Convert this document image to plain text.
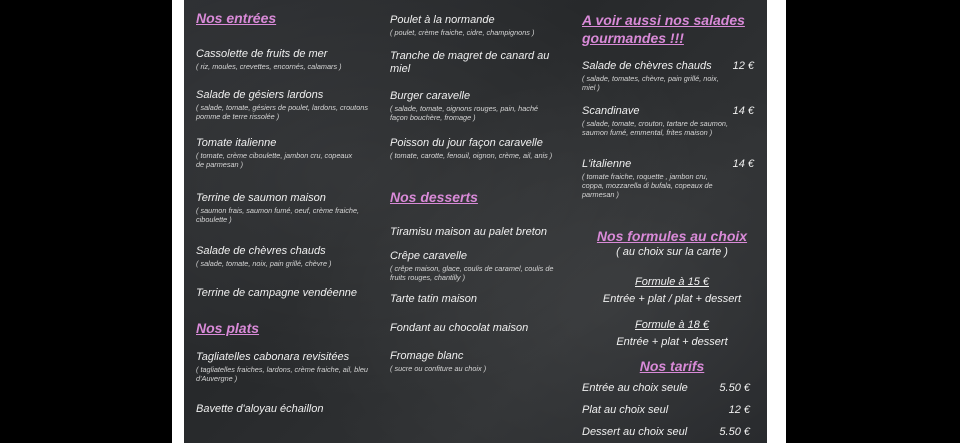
Nos entrées
Cassolette de fruits de mer
( riz, moules, crevettes, encornés, calamars )
Salade de gésiers lardons
( salade, tomate, gésiers de poulet, lardons, croutons pomme de terre rissolée )
Tomate italienne
( tomate, crème ciboulette, jambon cru, copeaux de parmesan )
Terrine de saumon maison
( saumon frais, saumon fumé, oeuf, crème fraiche, ciboulette )
Salade de chèvres chauds
( salade, tomate, noix, pain grillé, chèvre )
Terrine de campagne vendéenne
Nos plats
Tagliatelles cabonara revisitées
( tagliatelles fraiches, lardons, crème fraiche, ail, bleu d'Auvergne )
Bavette d'aloyau échaillon
Poulet à la normande
( poulet, crème fraiche, cidre, champignons )
Tranche de magret de canard au miel
Burger caravelle
( salade, tomate, oignons rouges, pain, haché façon bouchère, fromage )
Poisson du jour façon caravelle
( tomate, carotte, fenouil, oignon, crème, ail, anis )
Nos desserts
Tiramisu maison au palet breton
Crêpe caravelle
( crêpe maison, glace, coulis de caramel, coulis de fruits rouges, chantilly )
Tarte tatin maison
Fondant au chocolat maison
Fromage blanc
( sucre ou confiture au choix )
A voir aussi nos salades gourmandes !!!
Salade de chèvres chauds 12 €
( salade, tomates, chèvre, pain grillé, noix, miel )
Scandinave	14 €
( salade, tomate, crouton, tartare de saumon, saumon fumé, emmental, frites maison )
L'italienne	14 €
( tomate fraiche, roquette , jambon cru, coppa, mozzarella di bufala, copeaux de parmesan )
Nos formules au choix
( au choix sur la carte )
Formule à 15 €
Entrée + plat / plat + dessert
Formule à 18 €
Entrée + plat + dessert
Nos tarifs
Entrée au choix seule	5.50 €
Plat au choix seul	12 €
Dessert au choix seul	5.50 €
